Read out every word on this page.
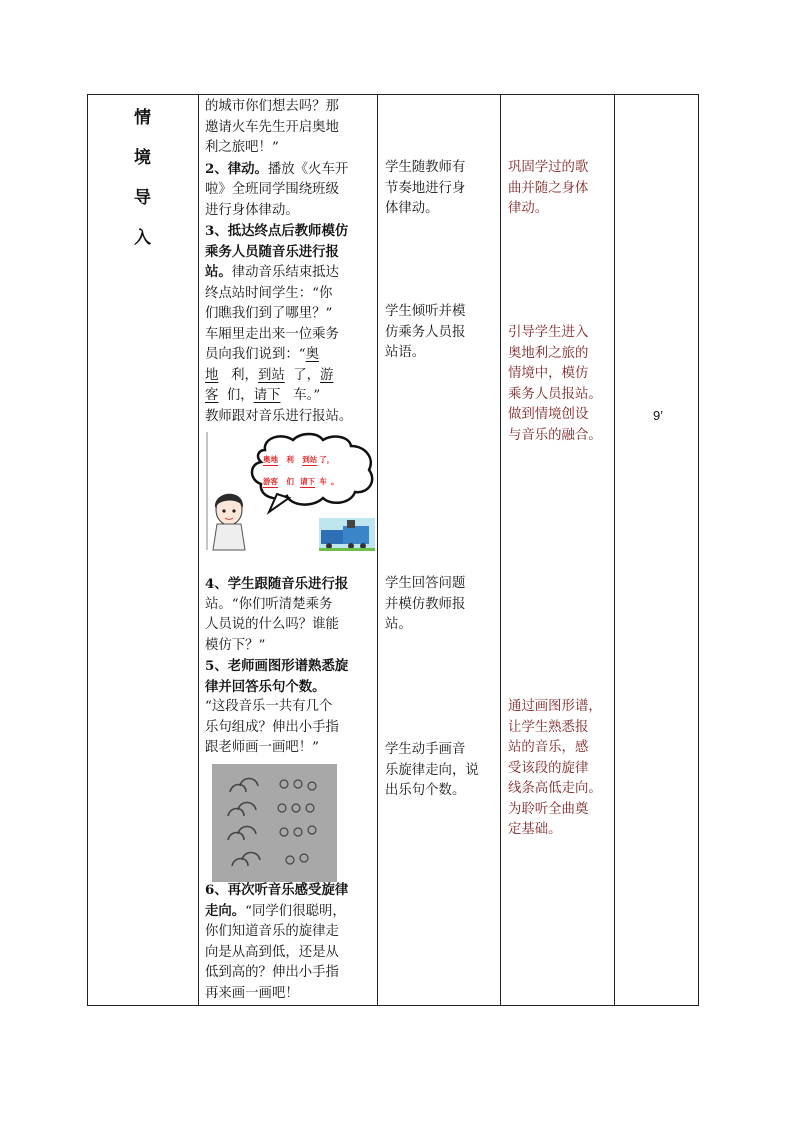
情
境
导
入

的城市你们想去吗？那

邀请火车先生开启奥地

利之旅吧！”

2、律动。播放《火车开

啦》全班同学围绕班级

进行身体律动。

3、抵达终点后教师模仿

乘务人员随音乐进行报

站。律动音乐结束抵达

终点站时间学生：“你

们瞧我们到了哪里？”

车厢里走出来一位乘务

员向我们说到：“奥

地 利，到站 了，游

客 们，请下 车。”

教师跟对音乐进行报站。

奥地 利 到站 了，
游客 们 请下 车 。

4、学生跟随音乐进行报

站。“你们听清楚乘务

人员说的什么吗？谁能

模仿下？”

5、老师画图形谱熟悉旋

律并回答乐句个数。

“这段音乐一共有几个

乐句组成？伸出小手指

跟老师画一画吧！”

6、再次听音乐感受旋律

走向。“同学们很聪明，

你们知道音乐的旋律走

向是从高到低，还是从

低到高的？伸出小手指

再来画一画吧！

学生随教师有

节奏地进行身

体律动。

学生倾听并模

仿乘务人员报

站语。

学生回答问题

并模仿教师报

站。

学生动手画音

乐旋律走向，说

出乐句个数。

巩固学过的歌

曲并随之身体

律动。

引导学生进入

奥地利之旅的

情境中，模仿

乘务人员报站。

做到情境创设

与音乐的融合。

通过画图形谱，

让学生熟悉报

站的音乐，感

受该段的旋律

线条高低走向。

为聆听全曲奠

定基础。

9’
